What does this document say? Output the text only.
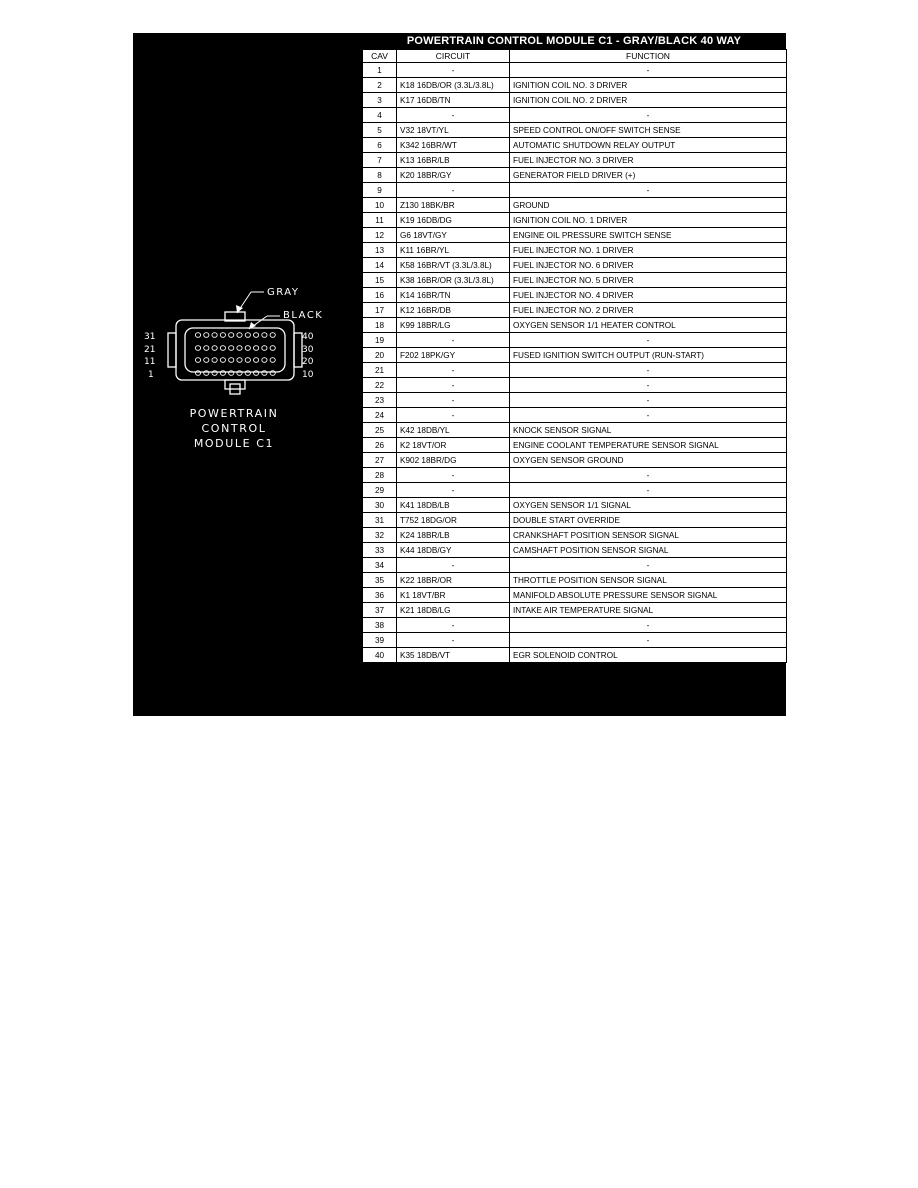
GRAY
BLACK
31
21
11
1
40
30
20
10
POWERTRAIN
CONTROL
MODULE C1
POWERTRAIN CONTROL MODULE C1 - GRAY/BLACK 40 WAY
CAV	CIRCUIT	FUNCTION
1	-	-
2	K18 16DB/OR (3.3L/3.8L)	IGNITION COIL NO. 3 DRIVER
3	K17 16DB/TN	IGNITION COIL NO. 2 DRIVER
4	-	-
5	V32 18VT/YL	SPEED CONTROL ON/OFF SWITCH SENSE
6	K342 16BR/WT	AUTOMATIC SHUTDOWN RELAY OUTPUT
7	K13 16BR/LB	FUEL INJECTOR NO. 3 DRIVER
8	K20 18BR/GY	GENERATOR FIELD DRIVER (+)
9	-	-
10	Z130 18BK/BR	GROUND
11	K19 16DB/DG	IGNITION COIL NO. 1 DRIVER
12	G6 18VT/GY	ENGINE OIL PRESSURE SWITCH SENSE
13	K11 16BR/YL	FUEL INJECTOR NO. 1 DRIVER
14	K58 16BR/VT (3.3L/3.8L)	FUEL INJECTOR NO. 6 DRIVER
15	K38 16BR/OR (3.3L/3.8L)	FUEL INJECTOR NO. 5 DRIVER
16	K14 16BR/TN	FUEL INJECTOR NO. 4 DRIVER
17	K12 16BR/DB	FUEL INJECTOR NO. 2 DRIVER
18	K99 18BR/LG	OXYGEN SENSOR 1/1 HEATER CONTROL
19	-	-
20	F202 18PK/GY	FUSED IGNITION SWITCH OUTPUT (RUN-START)
21	-	-
22	-	-
23	-	-
24	-	-
25	K42 18DB/YL	KNOCK SENSOR SIGNAL
26	K2 18VT/OR	ENGINE COOLANT TEMPERATURE SENSOR SIGNAL
27	K902 18BR/DG	OXYGEN SENSOR GROUND
28	-	-
29	-	-
30	K41 18DB/LB	OXYGEN SENSOR 1/1 SIGNAL
31	T752 18DG/OR	DOUBLE START OVERRIDE
32	K24 18BR/LB	CRANKSHAFT POSITION SENSOR SIGNAL
33	K44 18DB/GY	CAMSHAFT POSITION SENSOR SIGNAL
34	-	-
35	K22 18BR/OR	THROTTLE POSITION SENSOR SIGNAL
36	K1 18VT/BR	MANIFOLD ABSOLUTE PRESSURE SENSOR SIGNAL
37	K21 18DB/LG	INTAKE AIR TEMPERATURE SIGNAL
38	-	-
39	-	-
40	K35 18DB/VT	EGR SOLENOID CONTROL
